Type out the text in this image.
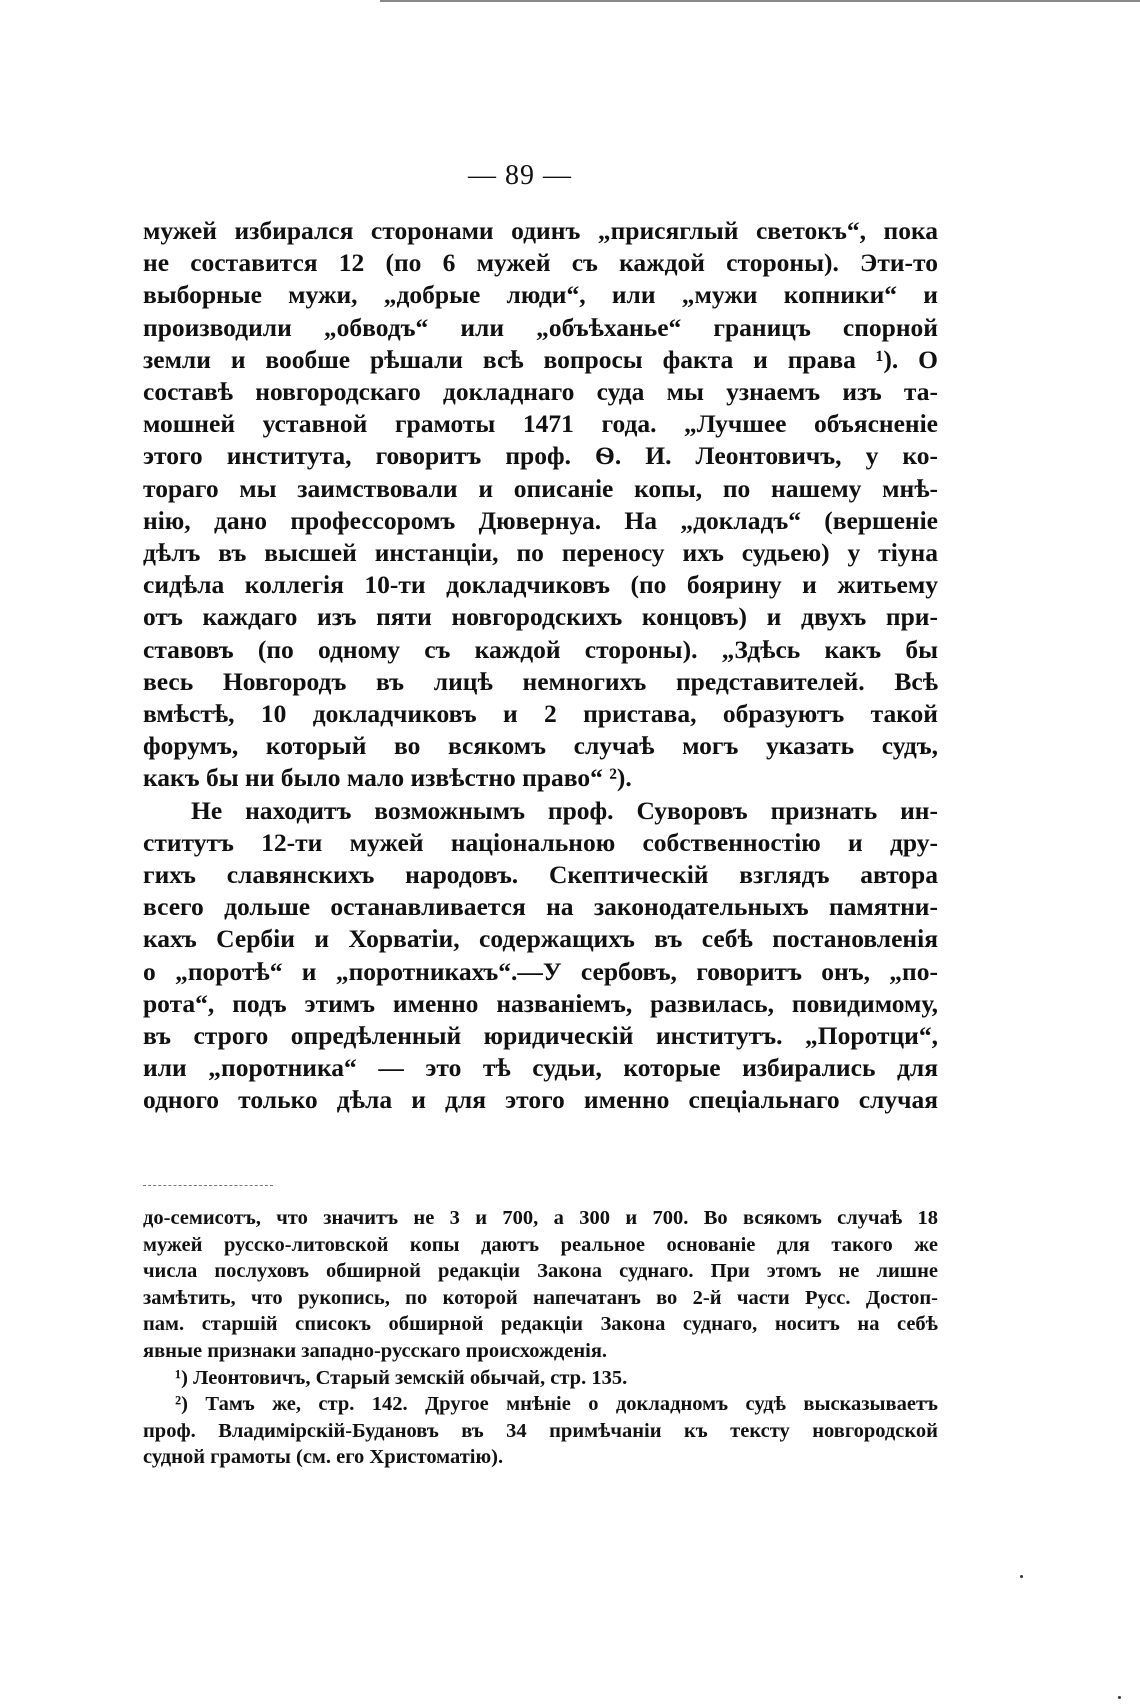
— 89 —
мужей избирался сторонами одинъ „присяглый светокъ“, пока
не составится 12 (по 6 мужей съ каждой стороны). Эти-то
выборные мужи, „добрые люди“, или „мужи копники“ и
производили „обводъ“ или „объѣханье“ границъ спорной
земли и вообше рѣшали всѣ вопросы факта и права ¹). О
составѣ новгородскаго докладнаго суда мы узнаемъ изъ та-
мошней уставной грамоты 1471 года. „Лучшее объясненіе
этого института, говоритъ проф. Ѳ. И. Леонтовичъ, у ко-
тораго мы заимствовали и описаніе копы, по нашему мнѣ-
нію, дано профессоромъ Дювернуа. На „докладъ“ (вершеніе
дѣлъ въ высшей инстанціи, по переносу ихъ судьею) у тіуна
сидѣла коллегія 10-ти докладчиковъ (по боярину и житьему
отъ каждаго изъ пяти новгородскихъ концовъ) и двухъ при-
ставовъ (по одному съ каждой стороны). „Здѣсь какъ бы
весь Новгородъ въ лицѣ немногихъ представителей. Всѣ
вмѣстѣ, 10 докладчиковъ и 2 пристава, образуютъ такой
форумъ, который во всякомъ случаѣ могъ указать судъ,
какъ бы ни было мало извѣстно право“ ²).
Не находитъ возможнымъ проф. Суворовъ признать ин-
ститутъ 12-ти мужей національною собственностію и дру-
гихъ славянскихъ народовъ. Скептическій взглядъ автора
всего дольше останавливается на законодательныхъ памятни-
кахъ Сербіи и Хорватіи, содержащихъ въ себѣ постановленія
о „поротѣ“ и „поротникахъ“.—У сербовъ, говоритъ онъ, „по-
рота“, подъ этимъ именно названіемъ, развилась, повидимому,
въ строго опредѣленный юридическій институтъ. „Поротци“,
или „поротника“ — это тѣ судьи, которые избирались для
одного только дѣла и для этого именно спеціальнаго случая
до-семисотъ, что значитъ не 3 и 700, а 300 и 700. Во всякомъ случаѣ 18
мужей русско-литовской копы даютъ реальное основаніе для такого же
числа послуховъ обширной редакціи Закона суднаго. При этомъ не лишне
замѣтить, что рукопись, по которой напечатанъ во 2-й части Русс. Достоп-
пам. старшій списокъ обширной редакціи Закона суднаго, носитъ на себѣ
явные признаки западно-русскаго происхожденія.
¹) Леонтовичъ, Старый земскій обычай, стр. 135.
²) Тамъ же, стр. 142. Другое мнѣніе о докладномъ судѣ высказываетъ
проф. Владимірскій-Будановъ въ 34 примѣчаніи къ тексту новгородской
судной грамоты (см. его Христоматію).
